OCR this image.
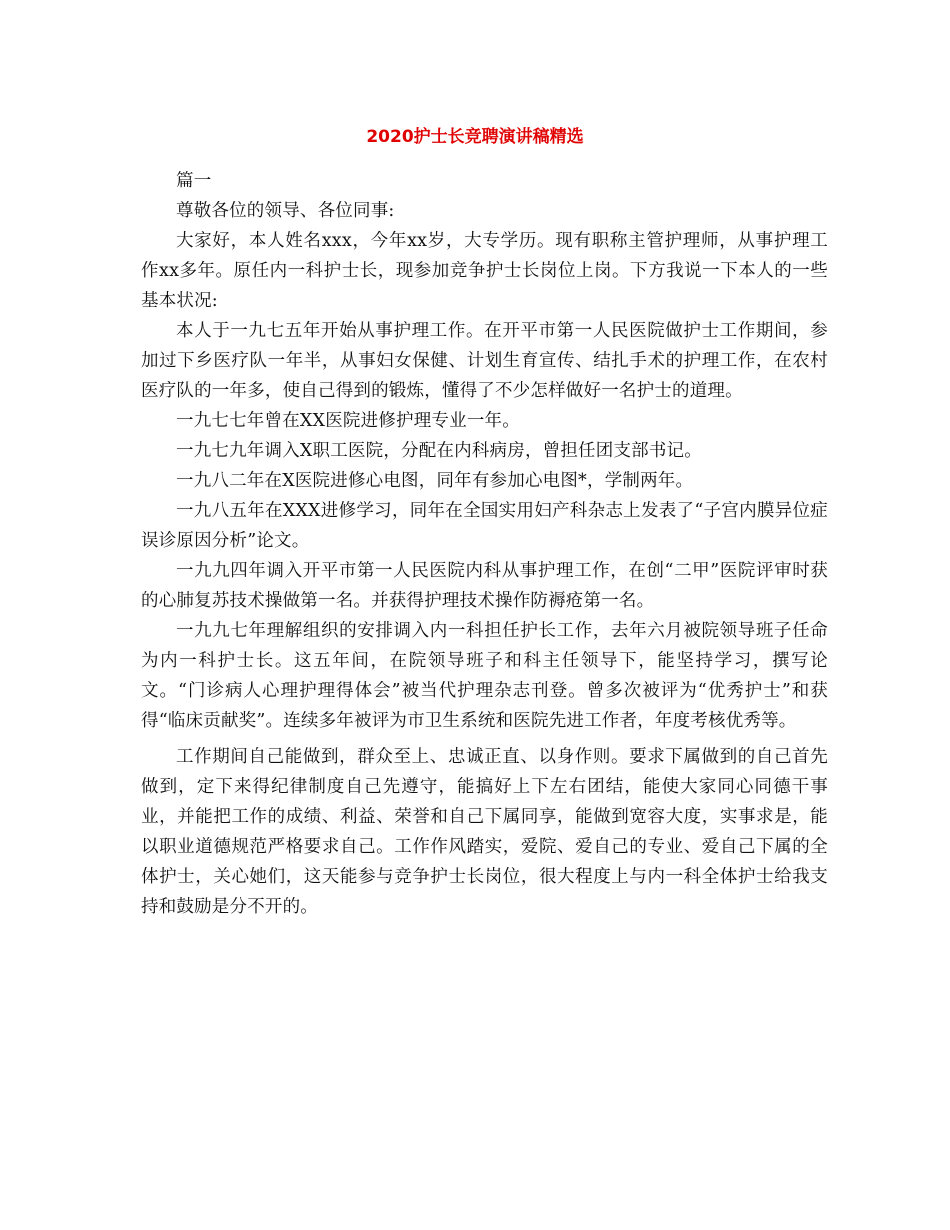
2020护士长竞聘演讲稿精选

篇一

尊敬各位的领导、各位同事:

大家好，本人姓名xxx，今年xx岁，大专学历。现有职称主管护理师，从事护理工作xx多年。原任内一科护士长，现参加竞争护士长岗位上岗。下方我说一下本人的一些基本状况:

本人于一九七五年开始从事护理工作。在开平市第一人民医院做护士工作期间，参加过下乡医疗队一年半，从事妇女保健、计划生育宣传、结扎手术的护理工作，在农村医疗队的一年多，使自己得到的锻炼，懂得了不少怎样做好一名护士的道理。

一九七七年曾在XX医院进修护理专业一年。

一九七九年调入X职工医院，分配在内科病房，曾担任团支部书记。

一九八二年在X医院进修心电图，同年有参加心电图*，学制两年。

一九八五年在XXX进修学习，同年在全国实用妇产科杂志上发表了“子宫内膜异位症误诊原因分析”论文。

一九九四年调入开平市第一人民医院内科从事护理工作，在创“二甲”医院评审时获的心肺复苏技术操做第一名。并获得护理技术操作防褥疮第一名。

一九九七年理解组织的安排调入内一科担任护长工作，去年六月被院领导班子任命为内一科护士长。这五年间，在院领导班子和科主任领导下，能坚持学习，撰写论文。“门诊病人心理护理得体会”被当代护理杂志刊登。曾多次被评为“优秀护士”和获得“临床贡献奖”。连续多年被评为市卫生系统和医院先进工作者，年度考核优秀等。

工作期间自己能做到，群众至上、忠诚正直、以身作则。要求下属做到的自己首先做到，定下来得纪律制度自己先遵守，能搞好上下左右团结，能使大家同心同德干事业，并能把工作的成绩、利益、荣誉和自己下属同享，能做到宽容大度，实事求是，能以职业道德规范严格要求自己。工作作风踏实，爱院、爱自己的专业、爱自己下属的全体护士，关心她们，这天能参与竞争护士长岗位，很大程度上与内一科全体护士给我支持和鼓励是分不开的。
